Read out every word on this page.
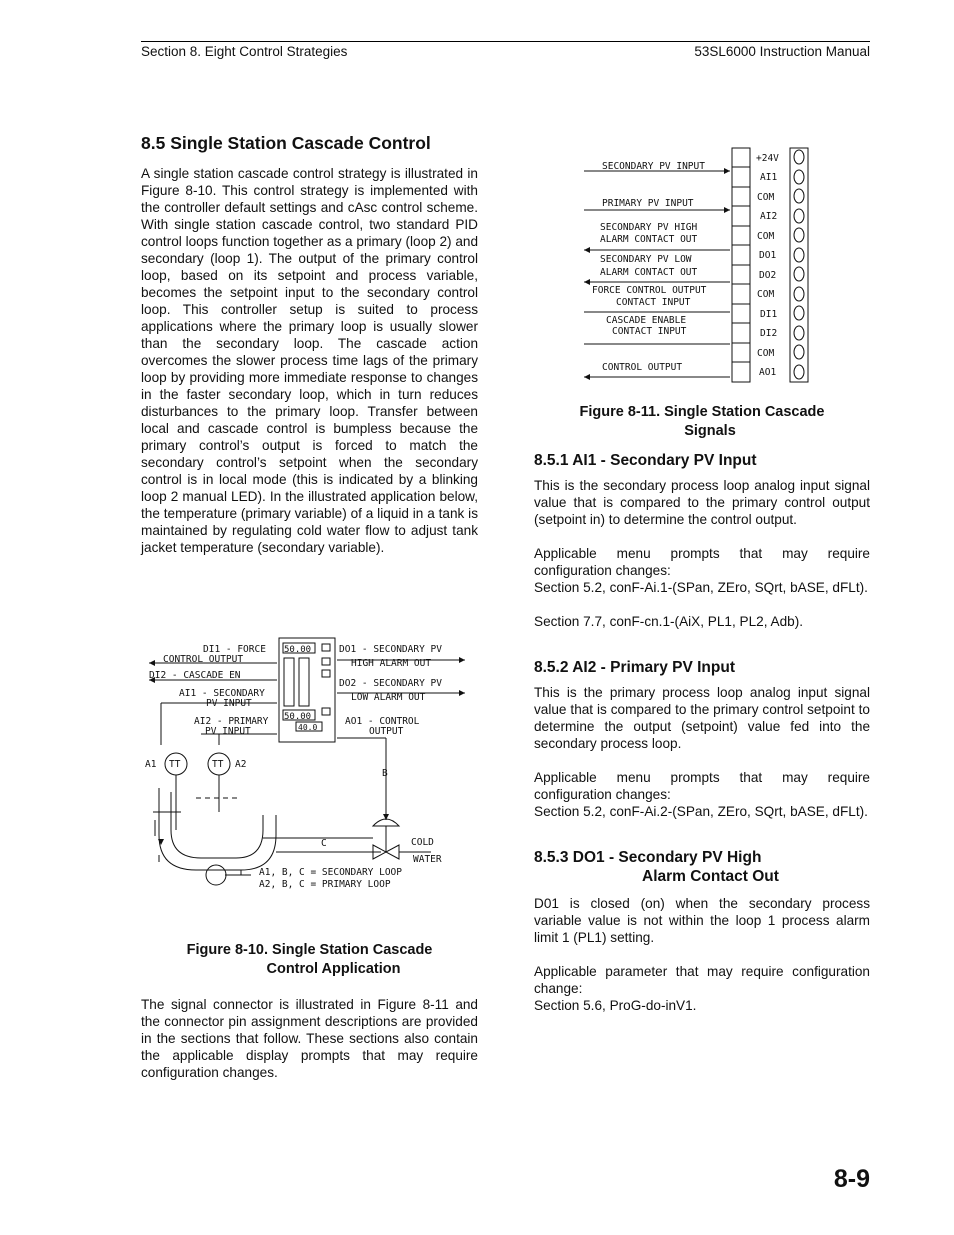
Section 8. Eight Control Strategies	53SL6000 Instruction Manual
8.5 Single Station Cascade Control

A single station cascade control strategy is illustrated in Figure 8-10. This control strategy is implemented with the controller default settings and cAsc control scheme. With single station cascade control, two standard PID control loops function together as a primary (loop 2) and secondary (loop 1). The output of the primary control loop, based on its setpoint and process variable, becomes the setpoint input to the secondary control loop. This controller setup is suited to process applications where the primary loop is usually slower than the secondary loop. The cascade action overcomes the slower process time lags of the primary loop by providing more immediate response to changes in the faster secondary loop, which in turn reduces disturbances to the primary loop. Transfer between local and cascade control is bumpless because the primary control’s output is forced to match the secondary control’s setpoint when the secondary control is in local mode (this is indicated by a blinking loop 2 manual LED). In the illustrated application below, the temperature (primary variable) of a liquid in a tank is maintained by regulating cold water flow to adjust tank jacket temperature (secondary variable).

DI1 - FORCE
CONTROL OUTPUT
DI2 - CASCADE EN
AI1 - SECONDARY
PV INPUT
AI2 - PRIMARY
PV INPUT
DO1 - SECONDARY PV
HIGH ALARM OUT
DO2 - SECONDARY PV
LOW ALARM OUT
AO1 - CONTROL
OUTPUT
A1 TT	TT A2
B
C	COLD
WATER
A1, B, C = SECONDARY LOOP
A2, B, C = PRIMARY LOOP
50.00
50.00
40.0
Figure 8-10. Single Station Cascade
Control Application

The signal connector is illustrated in Figure 8-11 and the connector pin assignment descriptions are provided in the sections that follow. These sections also contain the applicable display prompts that may require configuration changes.

SECONDARY PV INPUT
PRIMARY PV INPUT
SECONDARY PV HIGH
ALARM CONTACT OUT
SECONDARY PV LOW
ALARM CONTACT OUT
FORCE CONTROL OUTPUT
CONTACT INPUT
CASCADE ENABLE
CONTACT INPUT
CONTROL OUTPUT
+24V
AI1
COM
AI2
COM
DO1
DO2
COM
DI1
DI2
COM
AO1
Figure 8-11. Single Station Cascade
Signals
8.5.1 AI1 - Secondary PV Input

This is the secondary process loop analog input signal value that is compared to the primary control output (setpoint in) to determine the control output.

Applicable menu prompts that may require configuration changes:

Section 5.2, conF-Ai.1-(SPan, ZEro, SQrt, bASE, dFLt).

Section 7.7, conF-cn.1-(AiX, PL1, PL2, Adb).

8.5.2 AI2 - Primary PV Input

This is the primary process loop analog input signal value that is compared to the primary control setpoint to determine the output (setpoint) value fed into the secondary process loop.

Applicable menu prompts that may require configuration changes:

Section 5.2, conF-Ai.2-(SPan, ZEro, SQrt, bASE, dFLt).

8.5.3 DO1 - Secondary PV High
Alarm Contact Out

D01 is closed (on) when the secondary process variable value is not within the loop 1 process alarm limit 1 (PL1) setting.

Applicable parameter that may require configuration change:

Section 5.6, ProG-do-inV1.

8-9
